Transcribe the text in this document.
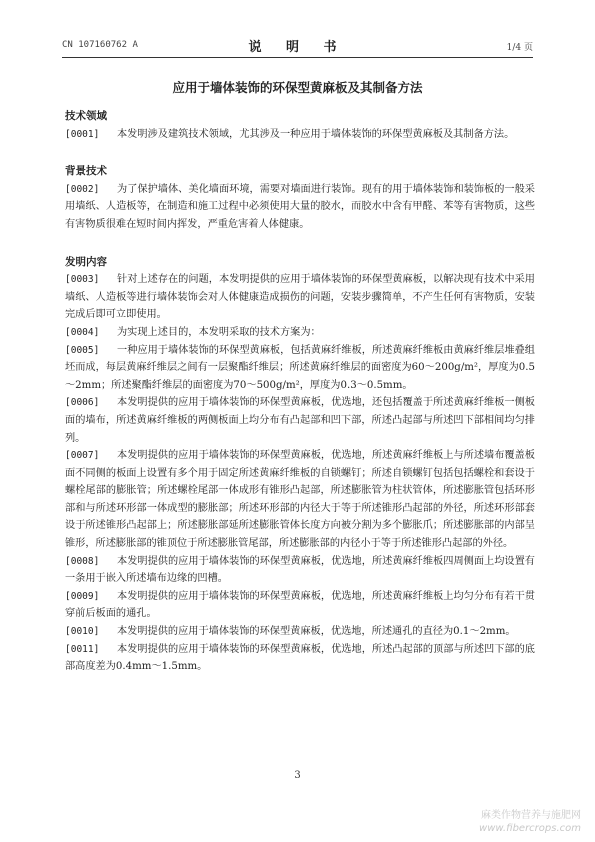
CN 107160762 A	说 明 书	1/4 页
应用于墙体装饰的环保型黄麻板及其制备方法

技术领域

[0001] 本发明涉及建筑技术领域，尤其涉及一种应用于墙体装饰的环保型黄麻板及其制备方法。

背景技术

[0002] 为了保护墙体、美化墙面环境，需要对墙面进行装饰。现有的用于墙体装饰和装饰板的一般采用墙纸、人造板等，在制造和施工过程中必须使用大量的胶水，而胶水中含有甲醛、苯等有害物质，这些有害物质很难在短时间内挥发，严重危害着人体健康。

发明内容

[0003] 针对上述存在的问题，本发明提供的应用于墙体装饰的环保型黄麻板，以解决现有技术中采用墙纸、人造板等进行墙体装饰会对人体健康造成损伤的问题，安装步骤简单，不产生任何有害物质，安装完成后即可立即使用。

[0004] 为实现上述目的，本发明采取的技术方案为：

[0005] 一种应用于墙体装饰的环保型黄麻板，包括黄麻纤维板，所述黄麻纤维板由黄麻纤维层堆叠组坯而成，每层黄麻纤维层之间有一层聚酯纤维层；所述黄麻纤维层的面密度为60～200g/m²，厚度为0.5～2mm；所述聚酯纤维层的面密度为70～500g/m²，厚度为0.3～0.5mm。

[0006] 本发明提供的应用于墙体装饰的环保型黄麻板，优选地，还包括覆盖于所述黄麻纤维板一侧板面的墙布，所述黄麻纤维板的两侧板面上均分布有凸起部和凹下部，所述凸起部与所述凹下部相间均匀排列。

[0007] 本发明提供的应用于墙体装饰的环保型黄麻板，优选地，所述黄麻纤维板上与所述墙布覆盖板面不同侧的板面上设置有多个用于固定所述黄麻纤维板的自锁螺钉；所述自锁螺钉包括包括螺栓和套设于螺栓尾部的膨胀管；所述螺栓尾部一体成形有锥形凸起部，所述膨胀管为柱状管体，所述膨胀管包括环形部和与所述环形部一体成型的膨胀部；所述环形部的内径大于等于所述锥形凸起部的外径，所述环形部套设于所述锥形凸起部上；所述膨胀部延所述膨胀管体长度方向被分割为多个膨胀爪；所述膨胀部的内部呈锥形，所述膨胀部的锥顶位于所述膨胀管尾部，所述膨胀部的内径小于等于所述锥形凸起部的外径。

[0008] 本发明提供的应用于墙体装饰的环保型黄麻板，优选地，所述黄麻纤维板四周侧面上均设置有一条用于嵌入所述墙布边缘的凹槽。

[0009] 本发明提供的应用于墙体装饰的环保型黄麻板，优选地，所述黄麻纤维板上均匀分布有若干贯穿前后板面的通孔。

[0010] 本发明提供的应用于墙体装饰的环保型黄麻板，优选地，所述通孔的直径为0.1～2mm。

[0011] 本发明提供的应用于墙体装饰的环保型黄麻板，优选地，所述凸起部的顶部与所述凹下部的底部高度差为0.4mm～1.5mm。

3
麻类作物营养与施肥网
www.fibercrops.com
